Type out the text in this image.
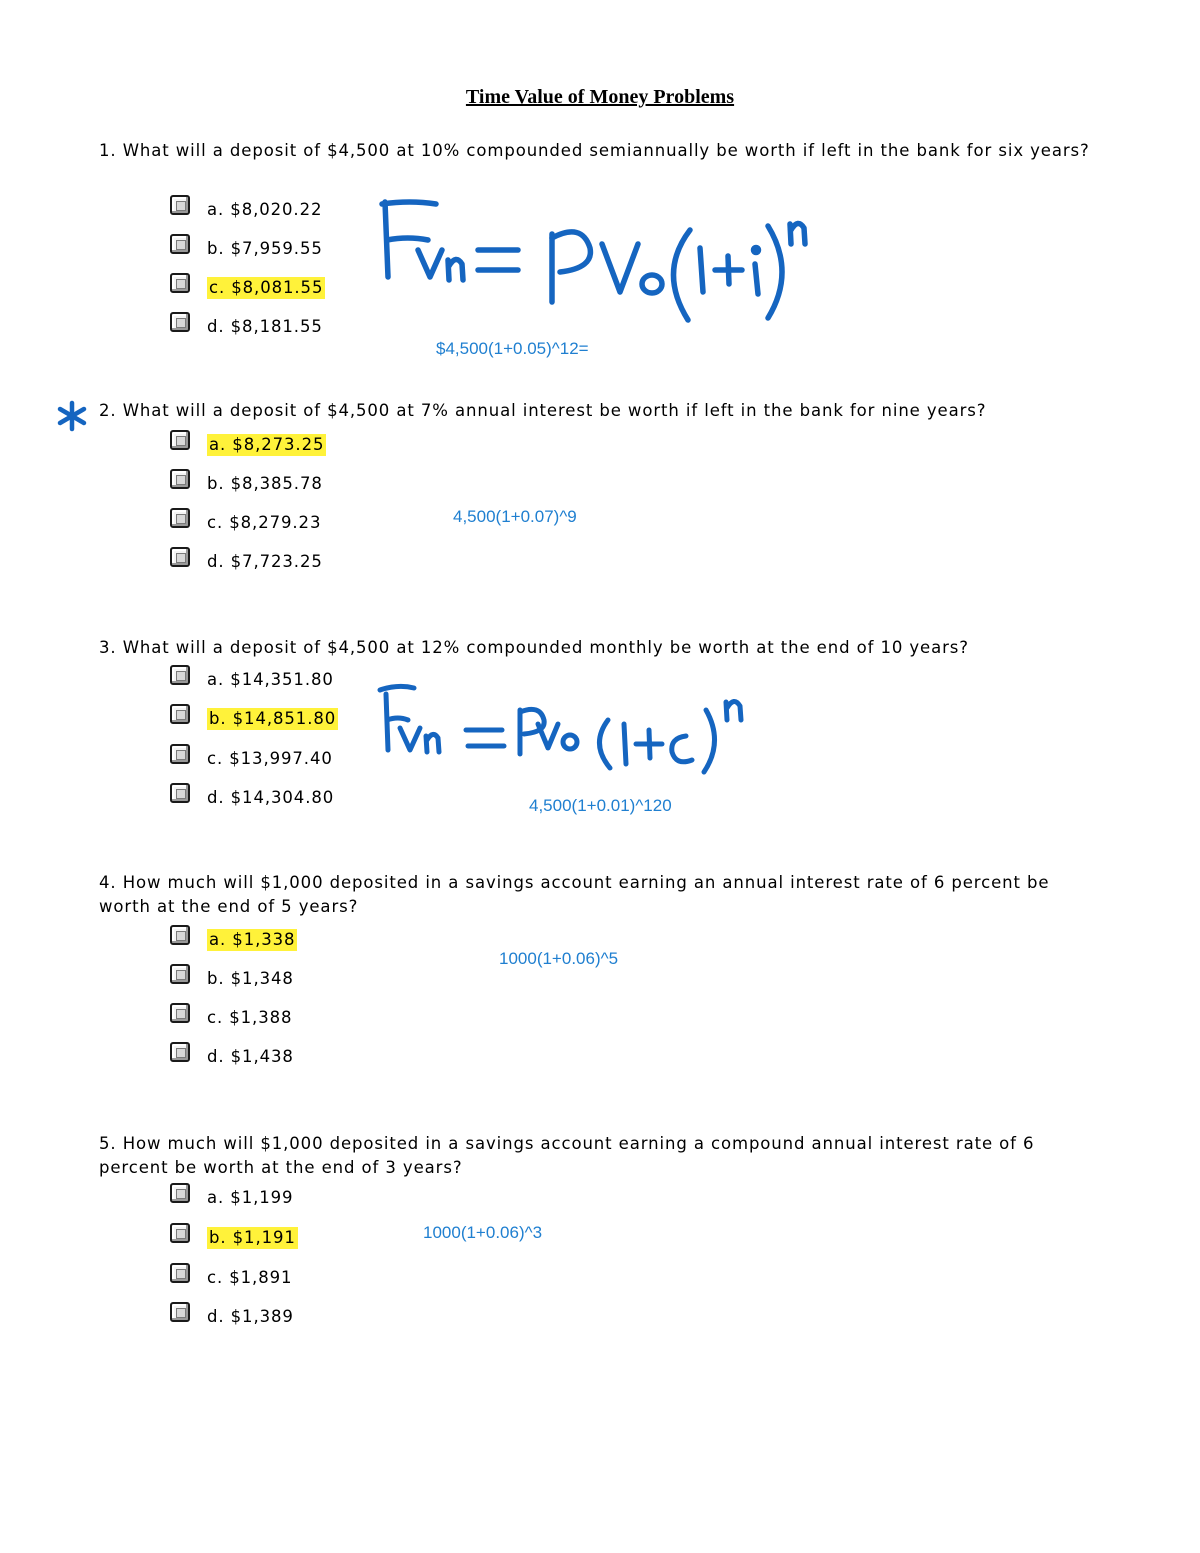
Time Value of Money Problems
1. What will a deposit of $4,500 at 10% compounded semiannually be worth if left in the bank for six years?
a. $8,020.22
b. $7,959.55
c. $8,081.55
d. $8,181.55
$4,500(1+0.05)^12=
2. What will a deposit of $4,500 at 7% annual interest be worth if left in the bank for nine years?
a. $8,273.25
b. $8,385.78
c. $8,279.23
d. $7,723.25
4,500(1+0.07)^9
3. What will a deposit of $4,500 at 12% compounded monthly be worth at the end of 10 years?
a. $14,351.80
b. $14,851.80
c. $13,997.40
d. $14,304.80	4,500(1+0.01)^120
4. How much will $1,000 deposited in a savings account earning an annual interest rate of 6 percent be worth at the end of 5 years?
a. $1,338
b. $1,348
c. $1,388
d. $1,438
1000(1+0.06)^5
5. How much will $1,000 deposited in a savings account earning a compound annual interest rate of 6 percent be worth at the end of 3 years?
a. $1,199
b. $1,191
c. $1,891
d. $1,389
1000(1+0.06)^3
